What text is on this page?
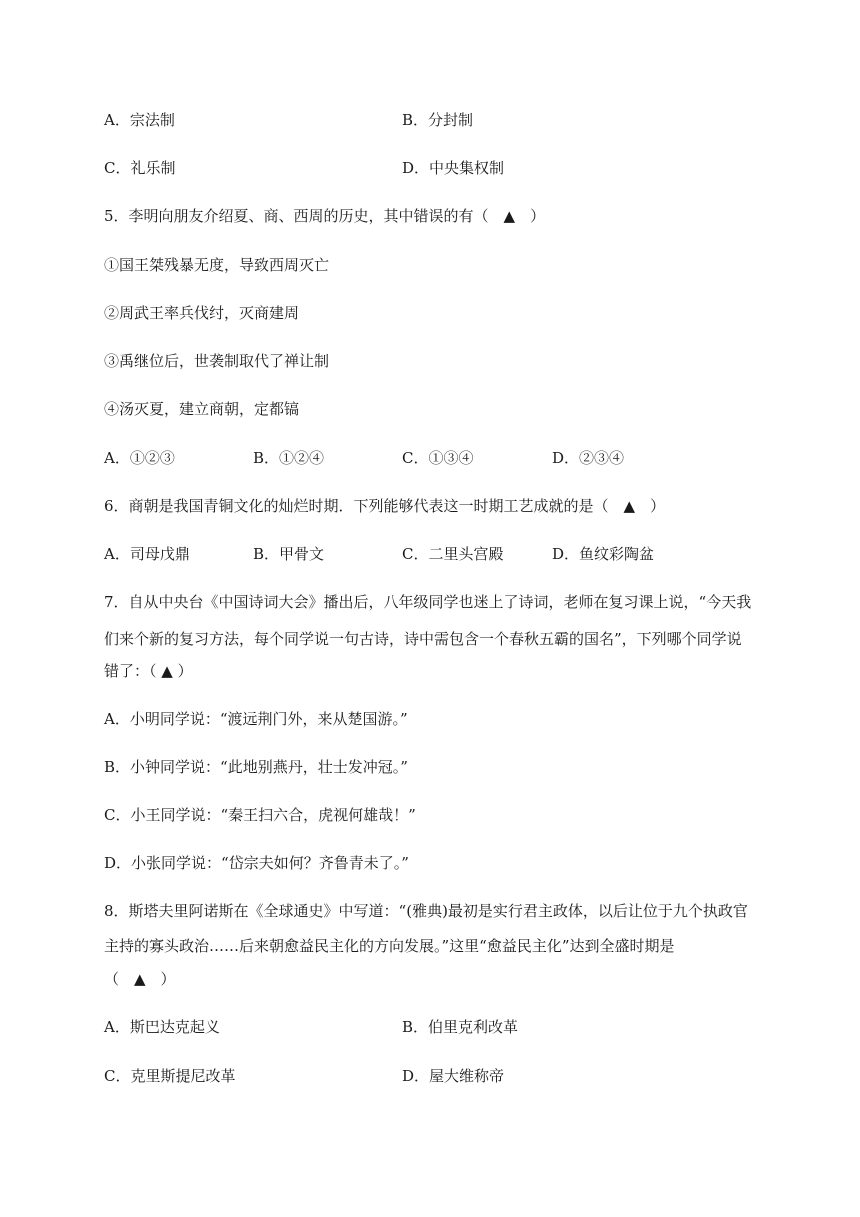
A．宗法制	B．分封制
C．礼乐制	D．中央集权制
5．李明向朋友介绍夏、商、西周的历史，其中错误的有（　▲　）
①国王桀残暴无度，导致西周灭亡
②周武王率兵伐纣，灭商建周
③禹继位后，世袭制取代了禅让制
④汤灭夏，建立商朝，定都镐
A．①②③	B．①②④	C．①③④	D．②③④
6．商朝是我国青铜文化的灿烂时期．下列能够代表这一时期工艺成就的是（　▲　）
A．司母戊鼎	B．甲骨文	C．二里头宫殿	D．鱼纹彩陶盆
7．自从中央台《中国诗词大会》播出后，八年级同学也迷上了诗词，老师在复习课上说，“今天我
们来个新的复习方法，每个同学说一句古诗，诗中需包含一个春秋五霸的国名”，下列哪个同学说
错了：（ ▲ ）
A．小明同学说：“渡远荆门外，来从楚国游。”
B．小钟同学说：“此地别燕丹，壮士发冲冠。”
C．小王同学说：“秦王扫六合，虎视何雄哉！”
D．小张同学说：“岱宗夫如何？齐鲁青未了。”
8．斯塔夫里阿诺斯在《全球通史》中写道：“(雅典)最初是实行君主政体，以后让位于九个执政官
主持的寡头政治……后来朝愈益民主化的方向发展。”这里“愈益民主化”达到全盛时期是
（　▲　）
A．斯巴达克起义	B．伯里克利改革
C．克里斯提尼改革	D．屋大维称帝
